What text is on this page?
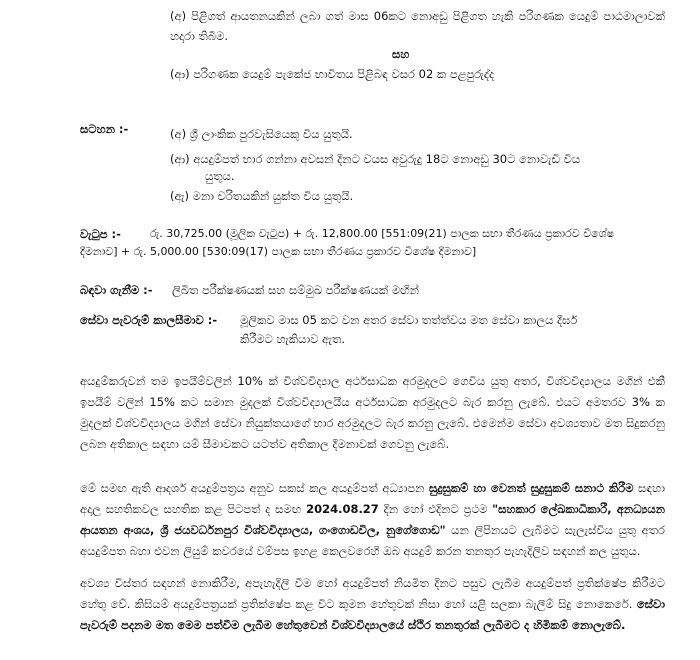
(අ) පිළිගත් ආයතනයකින් ලබා ගත් මාස 06කට නොඅඩු පිළිගත හැකි පරිගණක යෙදුම් පාඨමාලාවක් හදාරා තිබීම.
සහ
(ආ) පරිගණක යෙදුම් පැකේජ භාවිතය පිළිබඳ වසර 02 ක පළපුරුද්ද
සටහන :-	(අ) ශ්‍රී ලාංකික පුරවැසියෙකු විය යුතුයි.
(ආ) අයදුම්පත් භාර ගන්නා අවසන් දිනට වයස අවුරුදු 18ට නොඅඩු 30ට නොවැඩි විය
යුතුය.
(ඇ) මනා චරිතයකින් යුක්ත විය යුතුයි.
වැටුප :-	රු. 30,725.00 (මූලික වැටුප) + රු. 12,800.00 [551:09(21) පාලක සභා තීරණය ප්‍රකාරව විශේෂ
දීමනාව] + රු. 5,000.00 [530:09(17) පාලක සභා තීරණය ප්‍රකාරව විශේෂ දීමනාව]
බඳවා ගැනීම :- ලිඛිත පරීක්ෂණයක් සහ සම්මුඛ පරීක්ෂණයක් මඟින්
සේවා පැවරුම් කාලසීමාව :- මූලිකව මාස 05 කට වන අතර සේවා තත්ත්වය මත සේවා කාලය දීර්ඝ
කිරීමට හැකියාව ඇත.
අයදුම්කරුවන් තම ඉපයීම්වලින් 10% ක් විශ්වවිද්‍යාල අර්ථසාධක අරමුදලට ගෙවිය යුතු අතර, විශ්වවිද්‍යාලය මගින් එකී ඉපයීම් වලින් 15% කට සමාන මුදලක් විශ්වවිද්‍යාලයීය අර්ථසාධක අරමුදලට බැර කරනු ලැබේ. එයට අමතරව 3% ක මුදලක් විශ්වවිද්‍යාලය මගින් සේවා නියුක්තයාගේ භාර අරමුදලට බැර කරනු ලැබේ. එමෙන්ම සේවා අවශ්‍යතාව මත සිදුකරනු ලබන අතිකාල සඳහා යම් සීමාවකට යටත්ව අතිකාල දීමනාවක් ගෙවනු ලැබේ.
මේ සමඟ ඇති ආදර්ශ අයදුම්පත්‍රය අනුව සකස් කල අයදුම්පත් අධ්‍යාපන සුදුසුකම් හා වෙනත් සුදුසුකම් සනාථ කිරීම සඳහා අදාල සහතිකවල සහතික කළ පිටපත් ද සමඟ 2024.08.27 දින හෝ එදිනට ප්‍රථම "සහකාර ලේඛකාධිකාරී, අනධ්‍යයන ආයතන අංශය, ශ්‍රී ජයවර්ධනපුර විශ්වවිද්‍යාලය, ගංගොඩවිල, නුගේගොඩ" යන ලිපිනයට ලැබීමට සැලැස්විය යුතු අතර අයදුම්පත බහා එවන ලියුම් කවරයේ වම්පස ඉහළ කෙලවරෙහි ඔබ අයදුම් කරන තනතුර පැහැදිලිව සඳහන් කල යුතුය.
අවශ්‍ය විස්තර සඳහන් නොකිරීම, අපැහැදිලි වීම හෝ අයදුම්පත් නියමිත දිනට පසුව ලැබීම අයදුම්පත් ප්‍රතික්ෂේප කිරීමට හේතු වේ. කිසියම් අයදුම්පත්‍රයක් ප්‍රතික්ෂේප කළ විට කුමන හේතුවක් නිසා හෝ යළි සලකා බැලීම් සිදු නොකෙරේ. සේවා පැවරුම් පදනම මත මෙම පත්වීම ලැබීම හේතුවෙන් විශ්වවිද්‍යාලයේ ස්ථිර තනතුරක් ලැබීමට ද හිමිකම් නොලැබේ.
